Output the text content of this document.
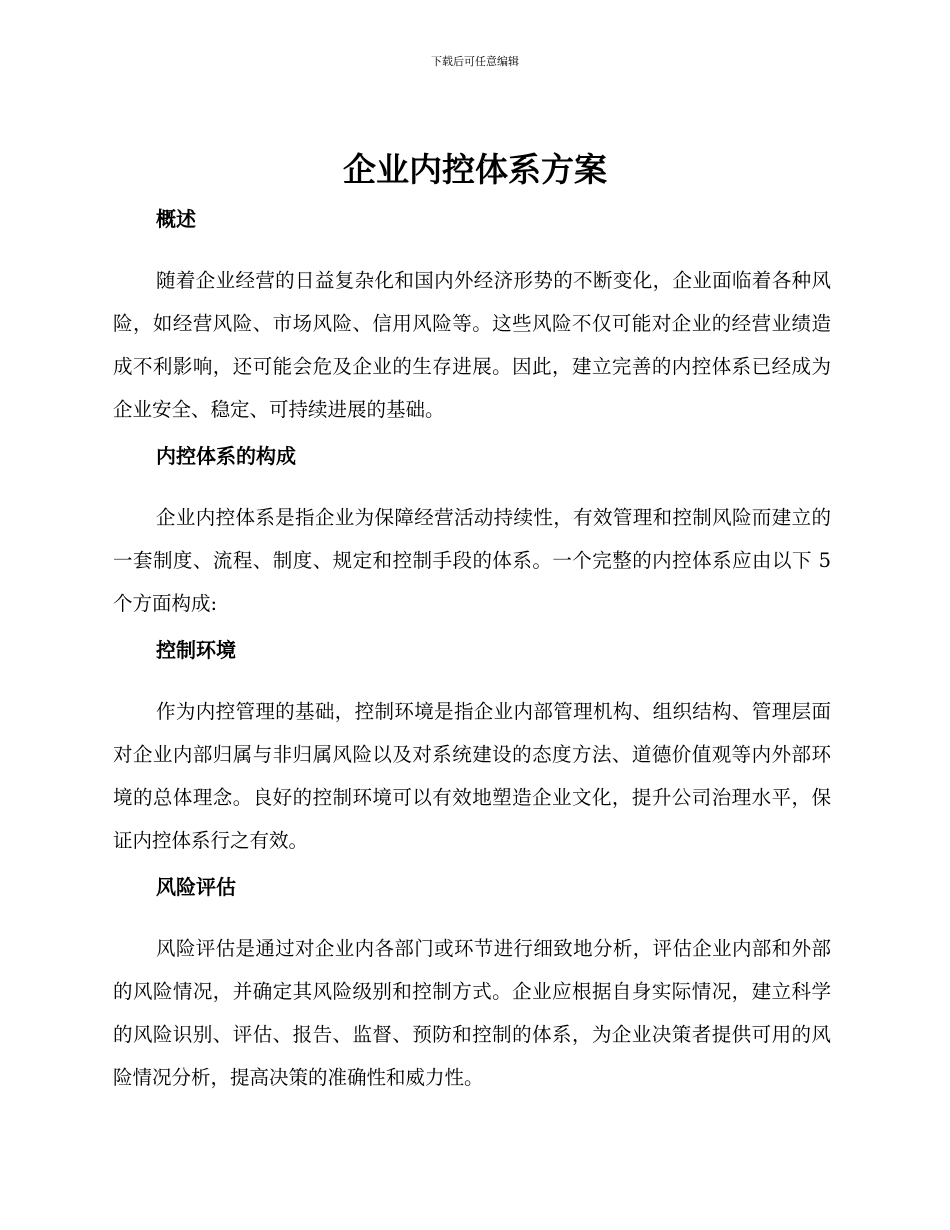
下载后可任意编辑
企业内控体系方案
概述

随着企业经营的日益复杂化和国内外经济形势的不断变化，企业面临着各种风险，如经营风险、市场风险、信用风险等。这些风险不仅可能对企业的经营业绩造成不利影响，还可能会危及企业的生存进展。因此，建立完善的内控体系已经成为企业安全、稳定、可持续进展的基础。

内控体系的构成

企业内控体系是指企业为保障经营活动持续性，有效管理和控制风险而建立的一套制度、流程、制度、规定和控制手段的体系。一个完整的内控体系应由以下 5 个方面构成:

控制环境

作为内控管理的基础，控制环境是指企业内部管理机构、组织结构、管理层面对企业内部归属与非归属风险以及对系统建设的态度方法、道德价值观等内外部环境的总体理念。良好的控制环境可以有效地塑造企业文化，提升公司治理水平，保证内控体系行之有效。

风险评估

风险评估是通过对企业内各部门或环节进行细致地分析，评估企业内部和外部的风险情况，并确定其风险级别和控制方式。企业应根据自身实际情况，建立科学的风险识别、评估、报告、监督、预防和控制的体系，为企业决策者提供可用的风险情况分析，提高决策的准确性和威力性。
